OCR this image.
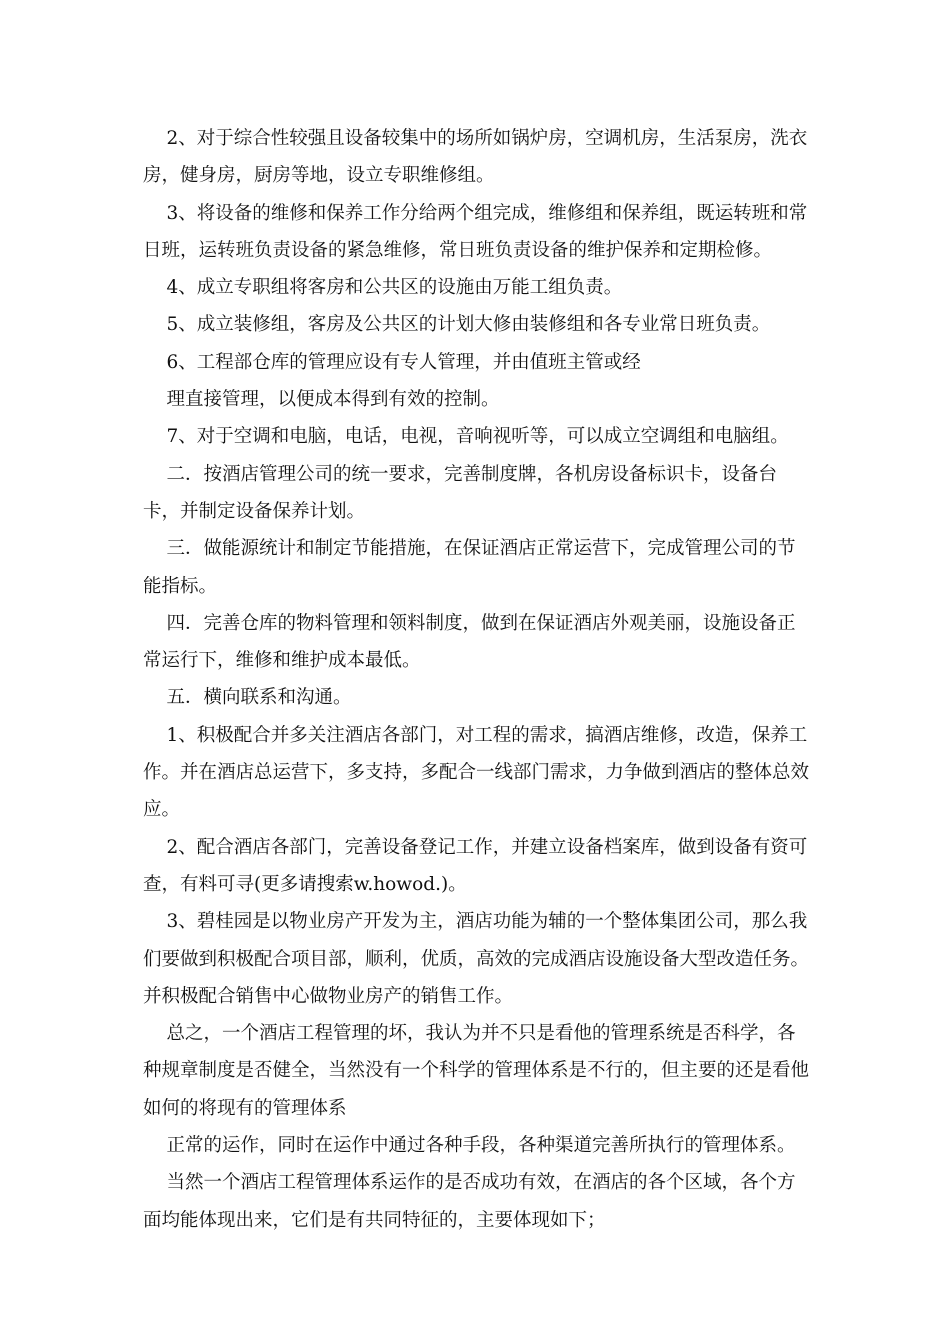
2、对于综合性较强且设备较集中的场所如锅炉房，空调机房，生活泵房，洗衣房，健身房，厨房等地，设立专职维修组。

3、将设备的维修和保养工作分给两个组完成，维修组和保养组，既运转班和常日班，运转班负责设备的紧急维修，常日班负责设备的维护保养和定期检修。

4、成立专职组将客房和公共区的设施由万能工组负责。

5、成立装修组，客房及公共区的计划大修由装修组和各专业常日班负责。

6、工程部仓库的管理应设有专人管理，并由值班主管或经

理直接管理，以便成本得到有效的控制。

7、对于空调和电脑，电话，电视，音响视听等，可以成立空调组和电脑组。

二．按酒店管理公司的统一要求，完善制度牌，各机房设备标识卡，设备台卡，并制定设备保养计划。

三．做能源统计和制定节能措施，在保证酒店正常运营下，完成管理公司的节能指标。

四．完善仓库的物料管理和领料制度，做到在保证酒店外观美丽，设施设备正常运行下，维修和维护成本最低。

五．横向联系和沟通。

1、积极配合并多关注酒店各部门，对工程的需求，搞酒店维修，改造，保养工作。并在酒店总运营下，多支持，多配合一线部门需求，力争做到酒店的整体总效应。

2、配合酒店各部门，完善设备登记工作，并建立设备档案库，做到设备有资可查，有料可寻(更多请搜索w.howod.)。

3、碧桂园是以物业房产开发为主，酒店功能为辅的一个整体集团公司，那么我们要做到积极配合项目部，顺利，优质，高效的完成酒店设施设备大型改造任务。并积极配合销售中心做物业房产的销售工作。

总之，一个酒店工程管理的坏，我认为并不只是看他的管理系统是否科学，各种规章制度是否健全，当然没有一个科学的管理体系是不行的，但主要的还是看他如何的将现有的管理体系

正常的运作，同时在运作中通过各种手段，各种渠道完善所执行的管理体系。

当然一个酒店工程管理体系运作的是否成功有效，在酒店的各个区域，各个方面均能体现出来，它们是有共同特征的，主要体现如下；
